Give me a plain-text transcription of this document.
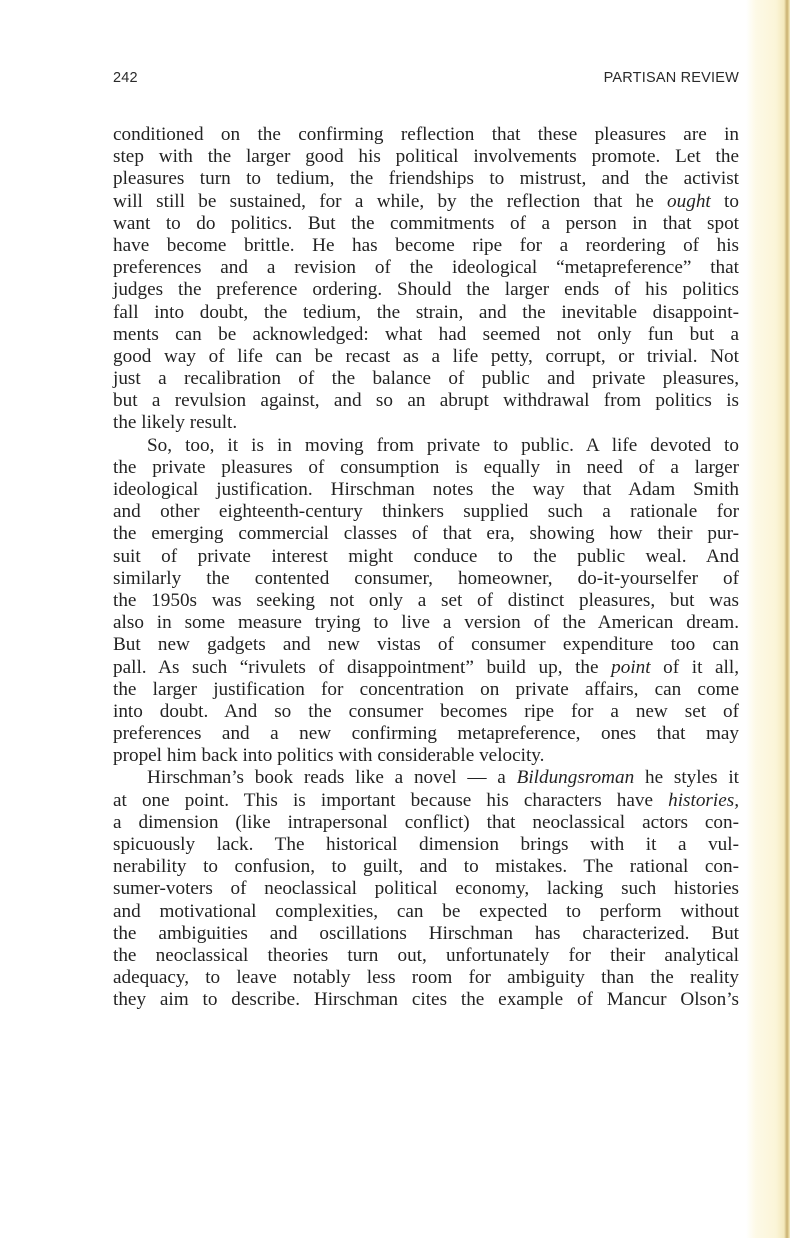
242	PARTISAN REVIEW
conditioned on the confirming reflection that these pleasures are in
step with the larger good his political involvements promote. Let the
pleasures turn to tedium, the friendships to mistrust, and the activist
will still be sustained, for a while, by the reflection that he ought to
want to do politics. But the commitments of a person in that spot
have become brittle. He has become ripe for a reordering of his
preferences and a revision of the ideological “metapreference” that
judges the preference ordering. Should the larger ends of his politics
fall into doubt, the tedium, the strain, and the inevitable disappoint-
ments can be acknowledged: what had seemed not only fun but a
good way of life can be recast as a life petty, corrupt, or trivial. Not
just a recalibration of the balance of public and private pleasures,
but a revulsion against, and so an abrupt withdrawal from politics is
the likely result.
So, too, it is in moving from private to public. A life devoted to
the private pleasures of consumption is equally in need of a larger
ideological justification. Hirschman notes the way that Adam Smith
and other eighteenth-century thinkers supplied such a rationale for
the emerging commercial classes of that era, showing how their pur-
suit of private interest might conduce to the public weal. And
similarly the contented consumer, homeowner, do-it-yourselfer of
the 1950s was seeking not only a set of distinct pleasures, but was
also in some measure trying to live a version of the American dream.
But new gadgets and new vistas of consumer expenditure too can
pall. As such “rivulets of disappointment” build up, the point of it all,
the larger justification for concentration on private affairs, can come
into doubt. And so the consumer becomes ripe for a new set of
preferences and a new confirming metapreference, ones that may
propel him back into politics with considerable velocity.
Hirschman’s book reads like a novel — a Bildungsroman he styles it
at one point. This is important because his characters have histories,
a dimension (like intrapersonal conflict) that neoclassical actors con-
spicuously lack. The historical dimension brings with it a vul-
nerability to confusion, to guilt, and to mistakes. The rational con-
sumer-voters of neoclassical political economy, lacking such histories
and motivational complexities, can be expected to perform without
the ambiguities and oscillations Hirschman has characterized. But
the neoclassical theories turn out, unfortunately for their analytical
adequacy, to leave notably less room for ambiguity than the reality
they aim to describe. Hirschman cites the example of Mancur Olson’s
